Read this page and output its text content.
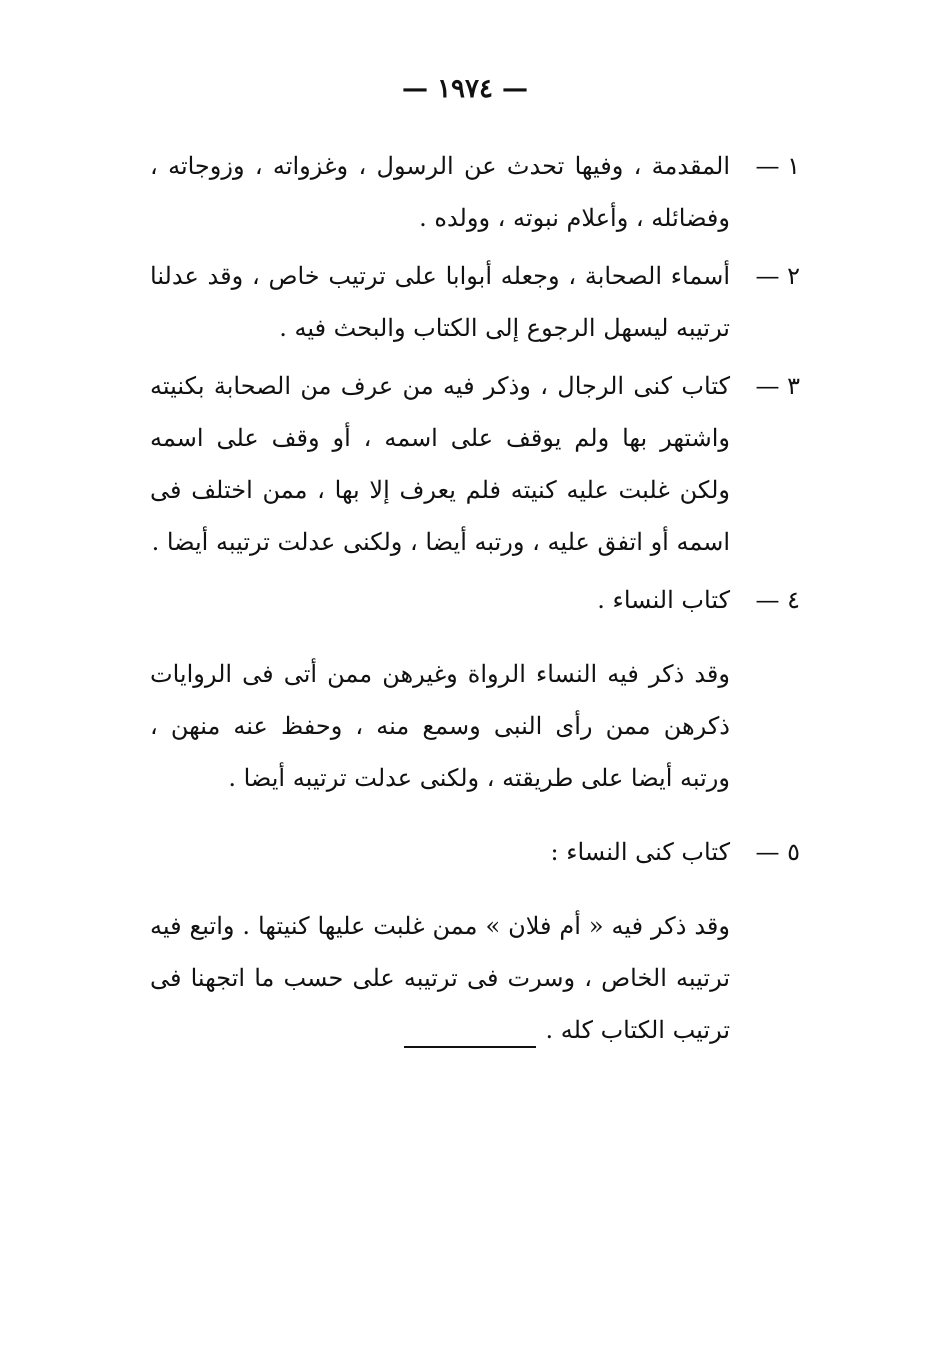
— ١٩٧٤ —
١ —
المقدمة ، وفيها تحدث عن الرسول ، وغزواته ، وزوجاته ، وفضائله ، وأعلام نبوته ، وولده .
٢ —
أسماء الصحابة ، وجعله أبوابا على ترتيب خاص ، وقد عدلنا ترتيبه ليسهل الرجوع إلى الكتاب والبحث فيه .
٣ —
كتاب كنى الرجال ، وذكر فيه من عرف من الصحابة بكنيته واشتهر بها ولم يوقف على اسمه ، أو وقف على اسمه ولكن غلبت عليه كنيته فلم يعرف إلا بها ، ممن اختلف فى اسمه أو اتفق عليه ، ورتبه أيضا ، ولكنى عدلت ترتيبه أيضا .
٤ —
كتاب النساء .
وقد ذكر فيه النساء الرواة وغيرهن ممن أتى فى الروايات ذكرهن ممن رأى النبى وسمع منه ، وحفظ عنه منهن ، ورتبه أيضا على طريقته ، ولكنى عدلت ترتيبه أيضا .
٥ —
كتاب كنى النساء :
وقد ذكر فيه « أم فلان » ممن غلبت عليها كنيتها . واتبع فيه ترتيبه الخاص ، وسرت فى ترتيبه على حسب ما اتجهنا فى ترتيب الكتاب كله .
